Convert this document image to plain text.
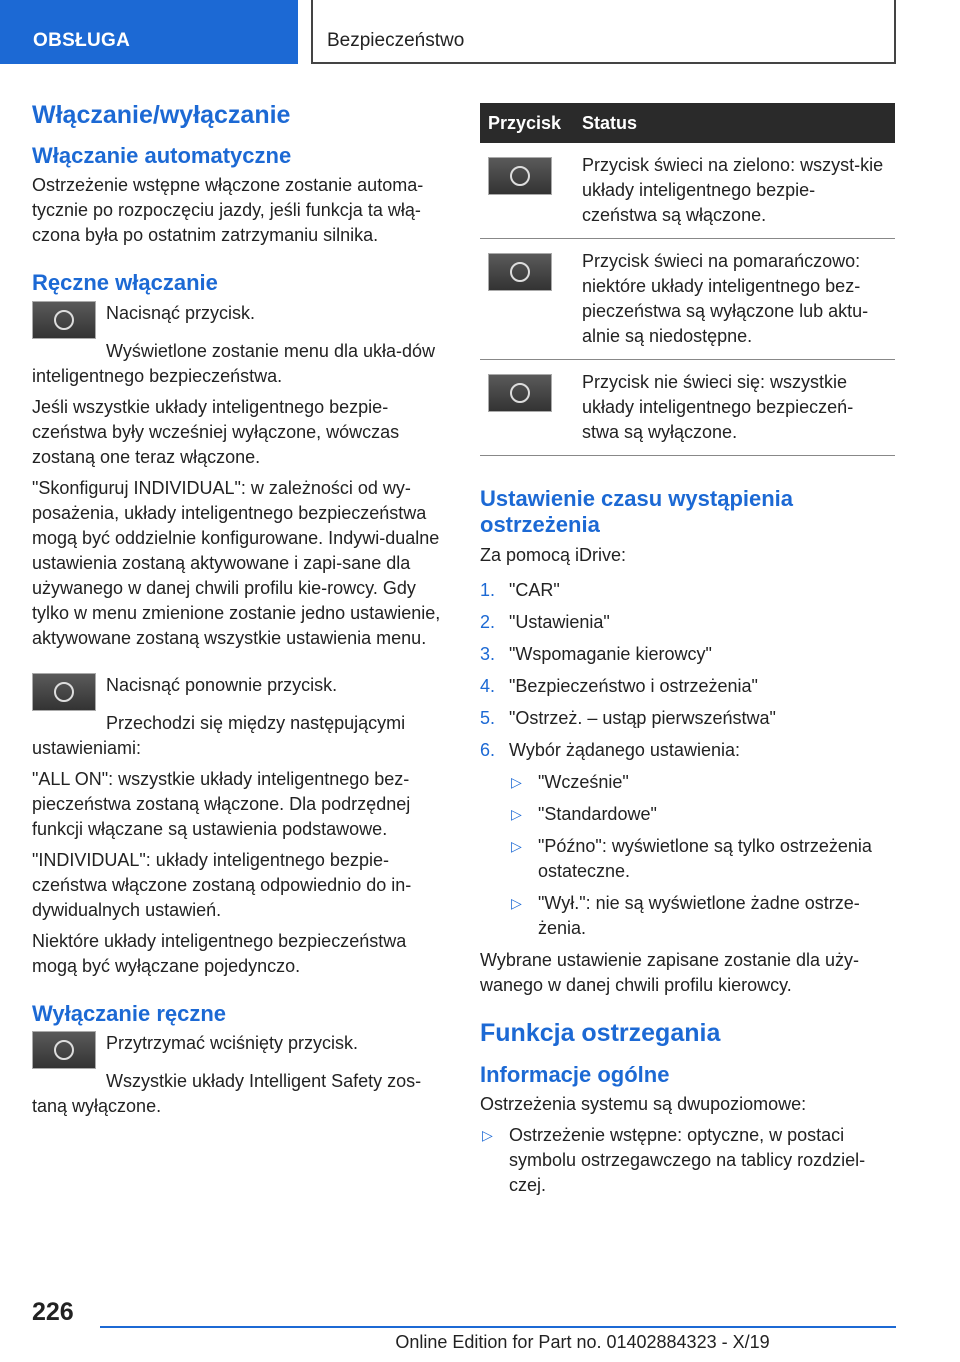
OBSŁUGA	Bezpieczeństwo
Włączanie/wyłączanie
Włączanie automatyczne

Ostrzeżenie wstępne włączone zostanie automa-tycznie po rozpoczęciu jazdy, jeśli funkcja ta włą-czona była po ostatnim zatrzymaniu silnika.

Ręczne włączanie

Nacisnąć przycisk.

Wyświetlone zostanie menu dla ukła-dów inteligentnego bezpieczeństwa.

Jeśli wszystkie układy inteligentnego bezpie-czeństwa były wcześniej wyłączone, wówczas zostaną one teraz włączone.

"Skonfiguruj INDIVIDUAL": w zależności od wy-posażenia, układy inteligentnego bezpieczeństwa mogą być oddzielnie konfigurowane. Indywi-dualne ustawienia zostaną aktywowane i zapi-sane dla używanego w danej chwili profilu kie-rowcy. Gdy tylko w menu zmienione zostanie jedno ustawienie, aktywowane zostaną wszystkie ustawienia menu.

Nacisnąć ponownie przycisk.

Przechodzi się między następującymi ustawieniami:

"ALL ON": wszystkie układy inteligentnego bez-pieczeństwa zostaną włączone. Dla podrzędnej funkcji włączane są ustawienia podstawowe.

"INDIVIDUAL": układy inteligentnego bezpie-czeństwa włączone zostaną odpowiednio do in-dywidualnych ustawień.

Niektóre układy inteligentnego bezpieczeństwa mogą być wyłączane pojedynczo.

Wyłączanie ręczne

Przytrzymać wciśnięty przycisk.

Wszystkie układy Intelligent Safety zos-taną wyłączone.

Przycisk	Status

	Przycisk świeci na zielono: wszyst-kie układy inteligentnego bezpie-czeństwa są włączone.

	Przycisk świeci na pomarańczowo: niektóre układy inteligentnego bez-pieczeństwa są wyłączone lub aktu-alnie są niedostępne.

	Przycisk nie świeci się: wszystkie układy inteligentnego bezpieczeń-stwa są wyłączone.
Ustawienie czasu wystąpienia ostrzeżenia

Za pomocą iDrive:

1. "CAR"
2. "Ustawienia"
3. "Wspomaganie kierowcy"
4. "Bezpieczeństwo i ostrzeżenia"
5. "Ostrzeż. – ustąp pierwszeństwa"
6. Wybór żądanego ustawienia:
▷ "Wcześnie"
▷ "Standardowe"
▷ "Późno": wyświetlone są tylko ostrzeżenia ostateczne.
▷ "Wył.": nie są wyświetlone żadne ostrze-żenia.

Wybrane ustawienie zapisane zostanie dla uży-wanego w danej chwili profilu kierowcy.

Funkcja ostrzegania
Informacje ogólne

Ostrzeżenia systemu są dwupoziomowe:

▷ Ostrzeżenie wstępne: optyczne, w postaci symbolu ostrzegawczego na tablicy rozdziel-czej.
226
Online Edition for Part no. 01402884323 - X/19
